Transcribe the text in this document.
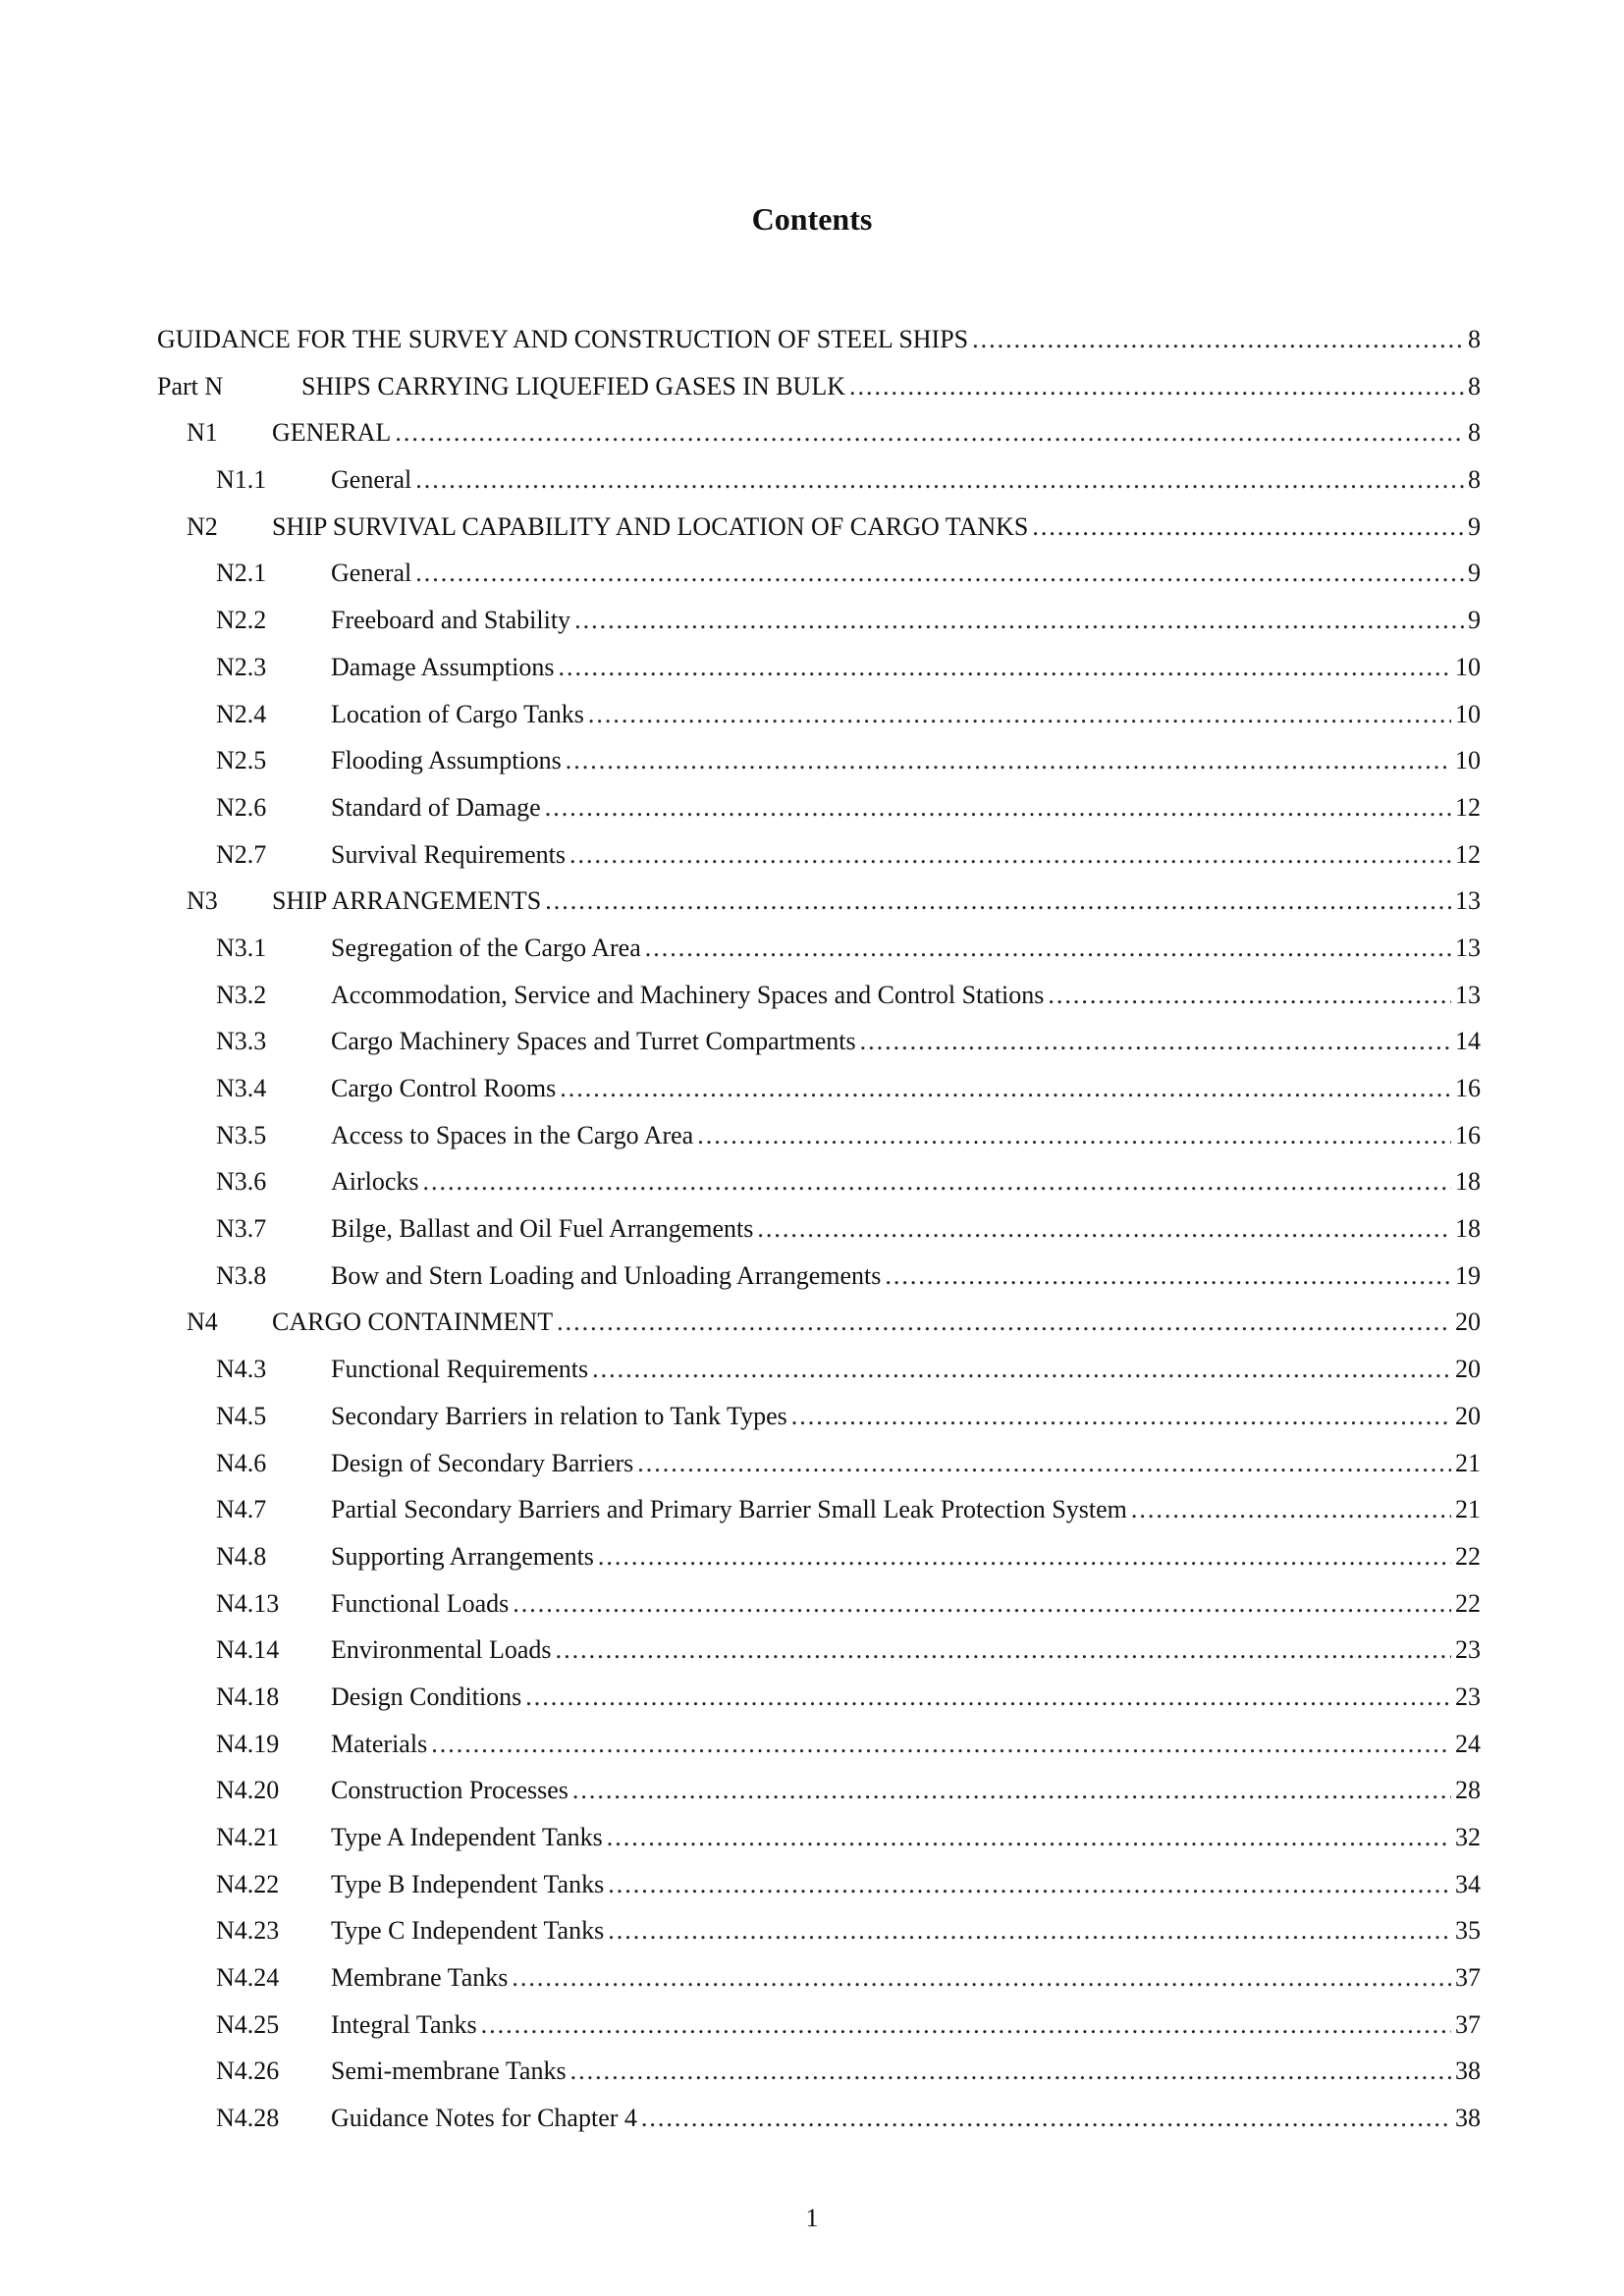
Contents
GUIDANCE FOR THE SURVEY AND CONSTRUCTION OF STEEL SHIPS .....	8
Part N	SHIPS CARRYING LIQUEFIED GASES IN BULK .....	8
N1	GENERAL .....	8
N1.1	General .....	8
N2	SHIP SURVIVAL CAPABILITY AND LOCATION OF CARGO TANKS .....	9
N2.1	General .....	9
N2.2	Freeboard and Stability .....	9
N2.3	Damage Assumptions .....	10
N2.4	Location of Cargo Tanks .....	10
N2.5	Flooding Assumptions .....	10
N2.6	Standard of Damage .....	12
N2.7	Survival Requirements .....	12
N3	SHIP ARRANGEMENTS .....	13
N3.1	Segregation of the Cargo Area .....	13
N3.2	Accommodation, Service and Machinery Spaces and Control Stations .....	13
N3.3	Cargo Machinery Spaces and Turret Compartments .....	14
N3.4	Cargo Control Rooms .....	16
N3.5	Access to Spaces in the Cargo Area .....	16
N3.6	Airlocks .....	18
N3.7	Bilge, Ballast and Oil Fuel Arrangements .....	18
N3.8	Bow and Stern Loading and Unloading Arrangements .....	19
N4	CARGO CONTAINMENT .....	20
N4.3	Functional Requirements .....	20
N4.5	Secondary Barriers in relation to Tank Types .....	20
N4.6	Design of Secondary Barriers .....	21
N4.7	Partial Secondary Barriers and Primary Barrier Small Leak Protection System .....	21
N4.8	Supporting Arrangements .....	22
N4.13	Functional Loads .....	22
N4.14	Environmental Loads .....	23
N4.18	Design Conditions .....	23
N4.19	Materials .....	24
N4.20	Construction Processes .....	28
N4.21	Type A Independent Tanks .....	32
N4.22	Type B Independent Tanks .....	34
N4.23	Type C Independent Tanks .....	35
N4.24	Membrane Tanks .....	37
N4.25	Integral Tanks .....	37
N4.26	Semi-membrane Tanks .....	38
N4.28	Guidance Notes for Chapter 4 .....	38
1
